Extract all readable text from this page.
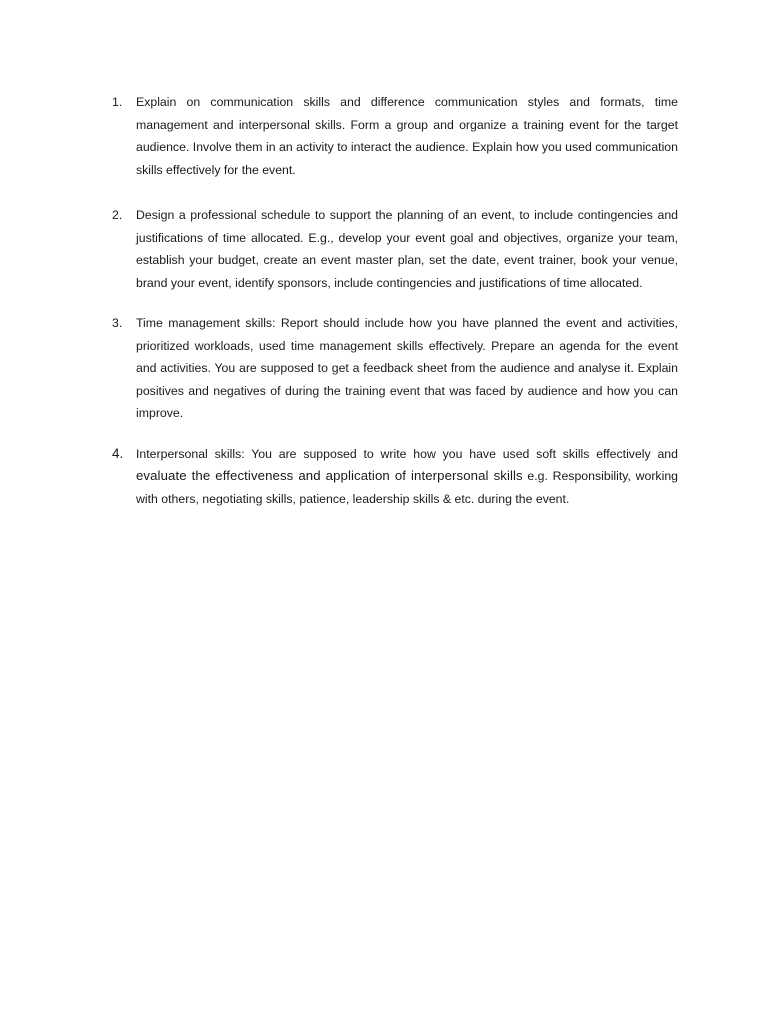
1.	Explain on communication skills and difference communication styles and formats, time management and interpersonal skills. Form a group and organize a training event for the target audience. Involve them in an activity to interact the audience. Explain how you used communication skills effectively for the event.
2.	Design a professional schedule to support the planning of an event, to include contingencies and justifications of time allocated. E.g., develop your event goal and objectives, organize your team, establish your budget, create an event master plan, set the date, event trainer, book your venue, brand your event, identify sponsors, include contingencies and justifications of time allocated.
3.	Time management skills: Report should include how you have planned the event and activities, prioritized workloads, used time management skills effectively. Prepare an agenda for the event and activities. You are supposed to get a feedback sheet from the audience and analyse it. Explain positives and negatives of during the training event that was faced by audience and how you can improve.
4.	Interpersonal skills: You are supposed to write how you have used soft skills effectively and evaluate the effectiveness and application of interpersonal skills e.g. Responsibility, working with others, negotiating skills, patience, leadership skills & etc. during the event.
